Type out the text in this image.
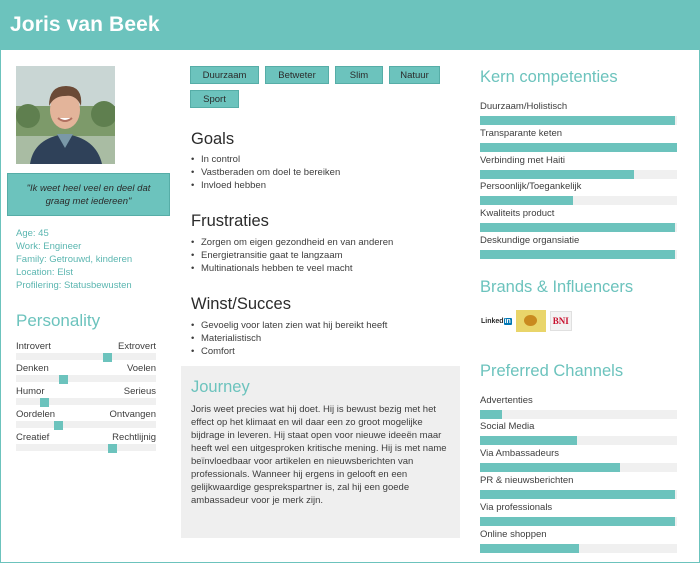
Joris van Beek
"Ik weet heel veel en deel dat graag met iedereen"
Age: 45
Work: Engineer
Family: Getrouwd, kinderen
Location: Elst
Profilering: Statusbewusten
Personality
Introvert	Extrovert
Denken	Voelen
Humor	Serieus
Oordelen	Ontvangen
Creatief	Rechtlijnig
Duurzaam	Betweter	Slim	Natuur
Sport
Goals
• In control
• Vastberaden om doel te bereiken
• Invloed hebben
Frustraties
• Zorgen om eigen gezondheid en van anderen
• Energietransitie gaat te langzaam
• Multinationals hebben te veel macht
Winst/Succes
• Gevoelig voor laten zien wat hij bereikt heeft
• Materialistisch
• Comfort
Journey

Joris weet precies wat hij doet. Hij is bewust bezig met het effect op het klimaat en wil daar een zo groot mogelijke bijdrage in leveren. Hij staat open voor nieuwe ideeën maar heeft wel een uitgesproken kritische mening. Hij is met name beïnvloedbaar voor artikelen en nieuwsberichten van professionals. Wanneer hij ergens in gelooft en een gelijkwaardige gesprekspartner is, zal hij een goede ambassadeur voor je merk zijn.

Kern competenties
Duurzaam/Holistisch
Transparante keten
Verbinding met Haiti
Persoonlijk/Toegankelijk
Kwaliteits product
Deskundige organsiatie
Brands & Influencers
Linkedin	BNI
Preferred Channels
Advertenties
Social Media
Via Ambassadeurs
PR & nieuwsberichten
Via professionals
Online shoppen
